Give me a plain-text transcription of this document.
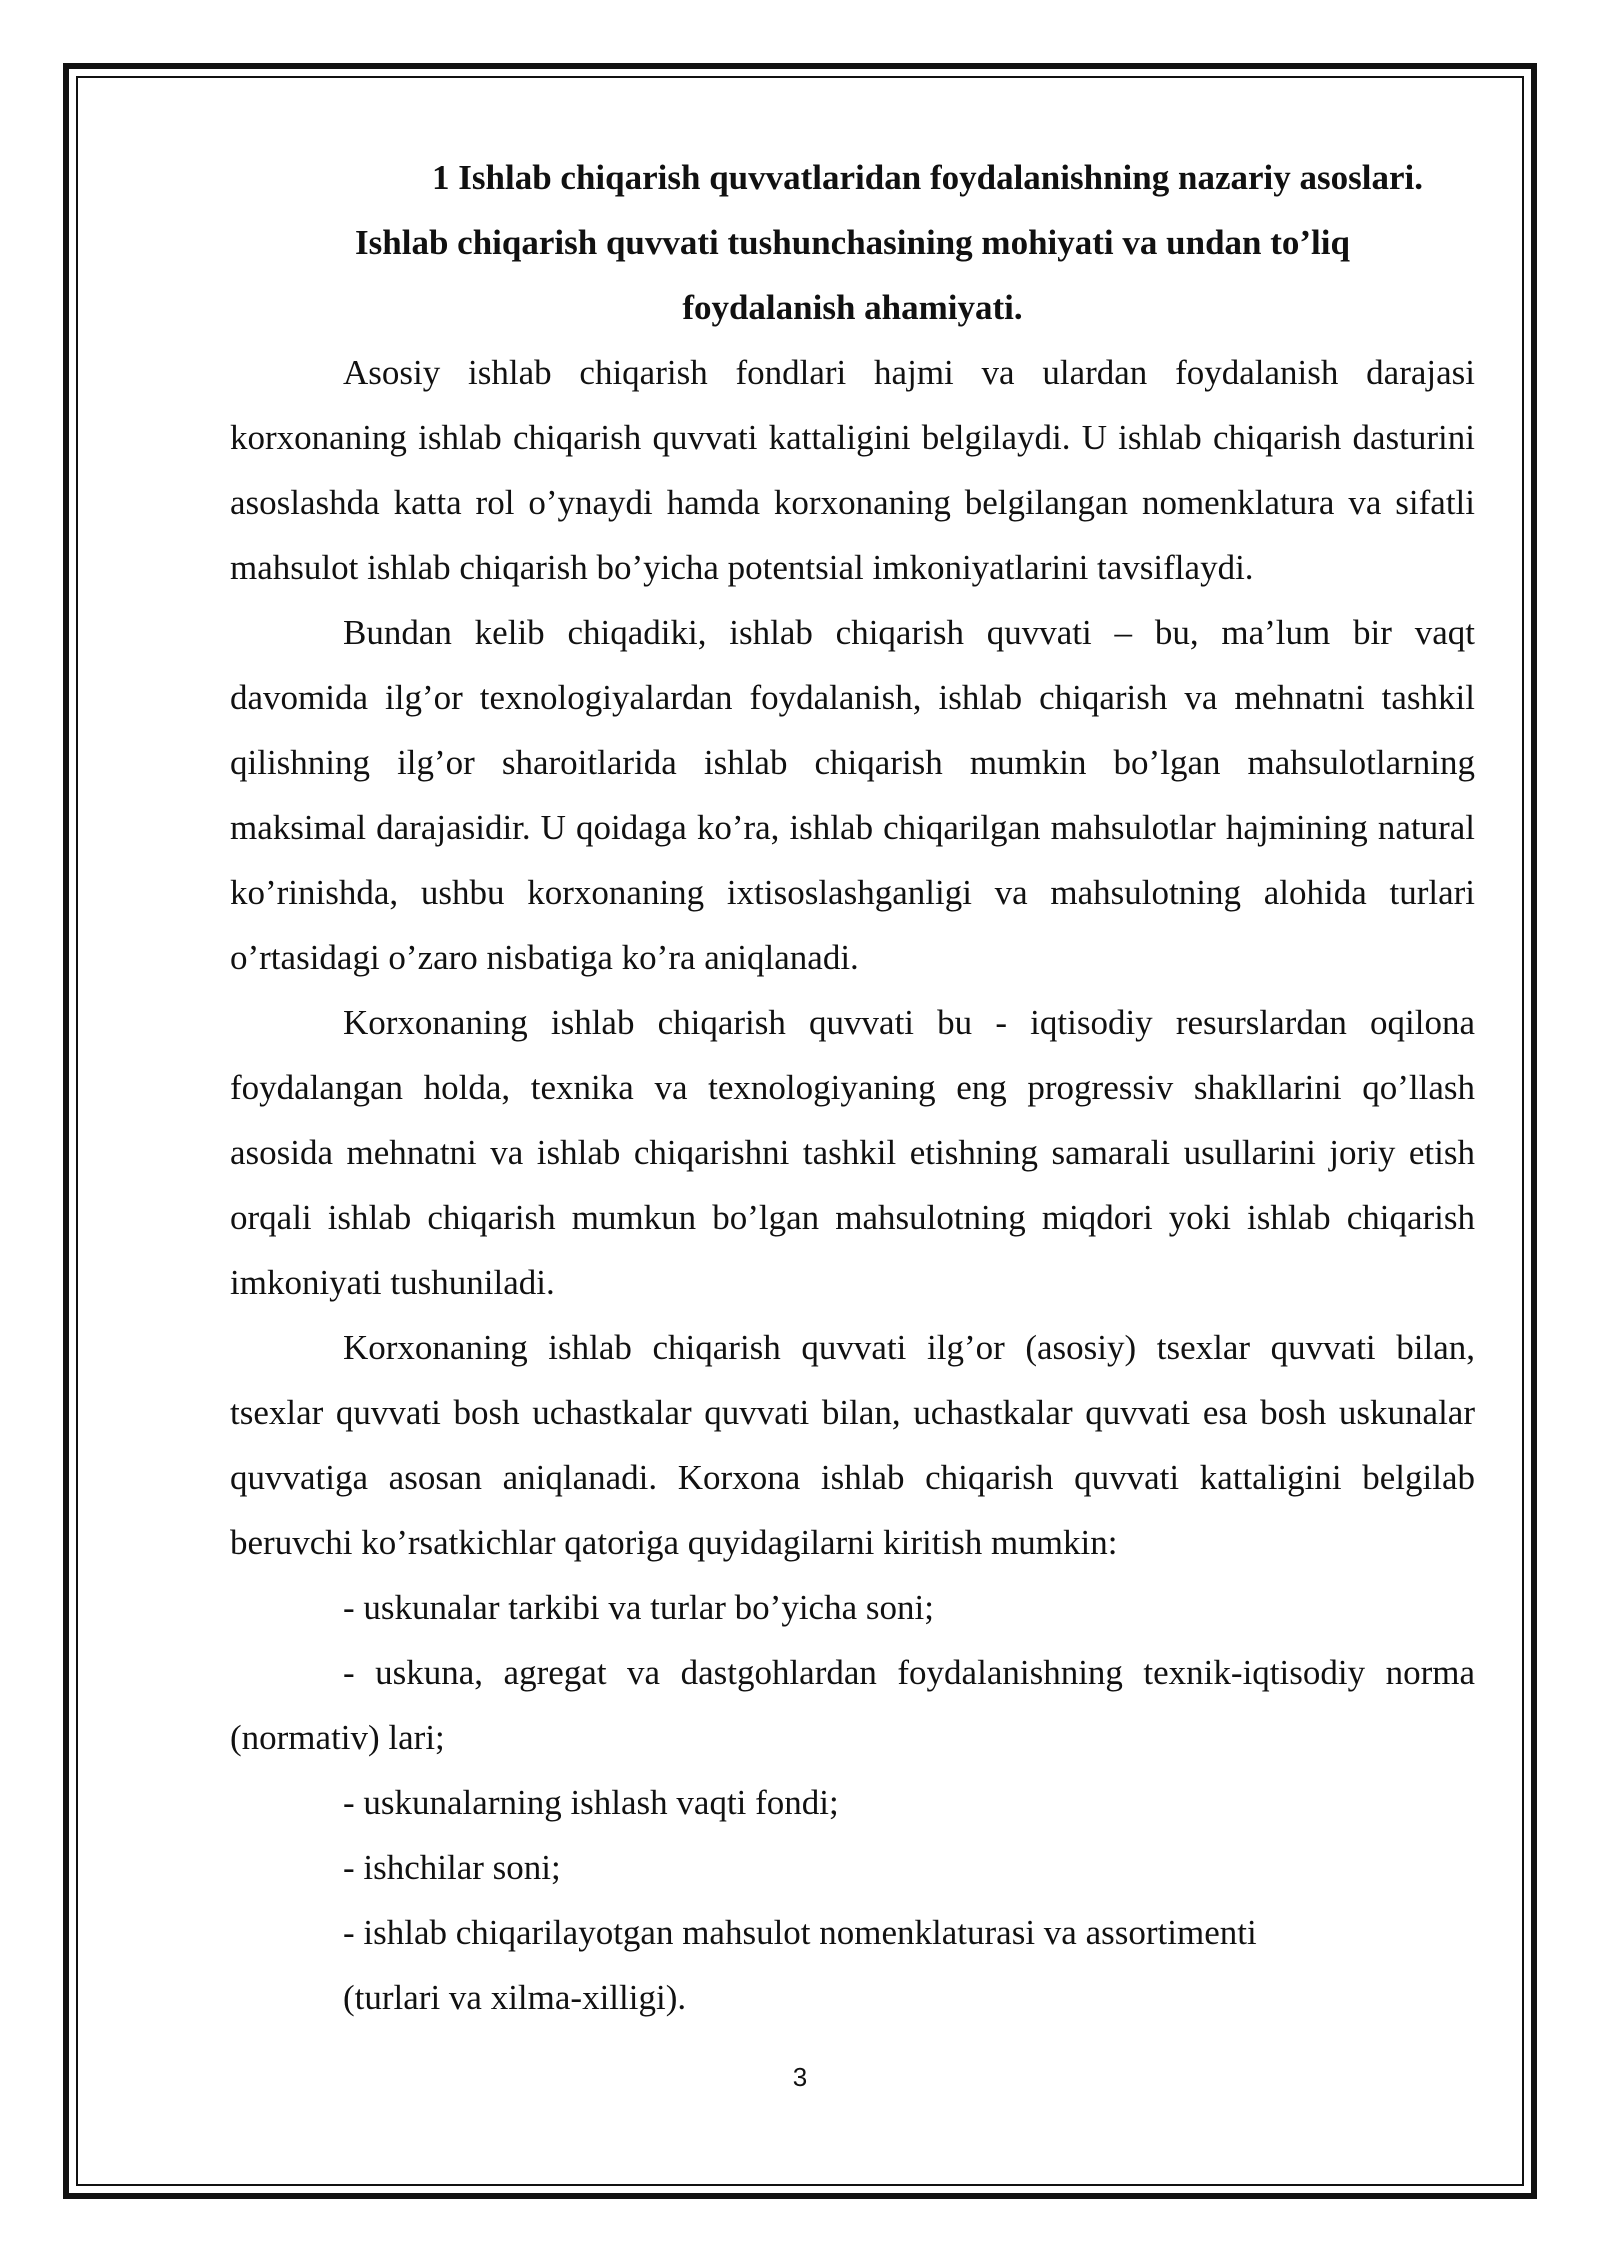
1 Ishlab chiqarish quvvatlaridan foydalanishning nazariy asoslari.
Ishlab chiqarish quvvati tushunchasining mohiyati va undan to’liq
foydalanish ahamiyati.

Asosiy ishlab chiqarish fondlari hajmi va ulardan foydalanish darajasi korxonaning ishlab chiqarish quvvati kattaligini belgilaydi. U ishlab chiqarish dasturini asoslashda katta rol o’ynaydi hamda korxonaning belgilangan nomenklatura va sifatli mahsulot ishlab chiqarish bo’yicha potentsial imkoniyatlarini tavsiflaydi.

Bundan kelib chiqadiki, ishlab chiqarish quvvati – bu, ma’lum bir vaqt davomida ilg’or texnologiyalardan foydalanish, ishlab chiqarish va mehnatni tashkil qilishning ilg’or sharoitlarida ishlab chiqarish mumkin bo’lgan mahsulotlarning maksimal darajasidir. U qoidaga ko’ra, ishlab chiqarilgan mahsulotlar hajmining natural ko’rinishda, ushbu korxonaning ixtisoslashganligi va mahsulotning alohida turlari o’rtasidagi o’zaro nisbatiga ko’ra aniqlanadi.

Korxonaning ishlab chiqarish quvvati bu - iqtisodiy resurslardan oqilona foydalangan holda, texnika va texnologiyaning eng progressiv shakllarini qo’llash asosida mehnatni va ishlab chiqarishni tashkil etishning samarali usullarini joriy etish orqali ishlab chiqarish mumkun bo’lgan mahsulotning miqdori yoki ishlab chiqarish imkoniyati tushuniladi.

Korxonaning ishlab chiqarish quvvati ilg’or (asosiy) tsexlar quvvati bilan, tsexlar quvvati bosh uchastkalar quvvati bilan, uchastkalar quvvati esa bosh uskunalar quvvatiga asosan aniqlanadi. Korxona ishlab chiqarish quvvati kattaligini belgilab beruvchi ko’rsatkichlar qatoriga quyidagilarni kiritish mumkin:

- uskunalar tarkibi va turlar bo’yicha soni;

- uskuna, agregat va dastgohlardan foydalanishning texnik-iqtisodiy norma (normativ) lari;

- uskunalarning ishlash vaqti fondi;

- ishchilar soni;

- ishlab chiqarilayotgan mahsulot nomenklaturasi va assortimenti

(turlari va xilma-xilligi).

3
